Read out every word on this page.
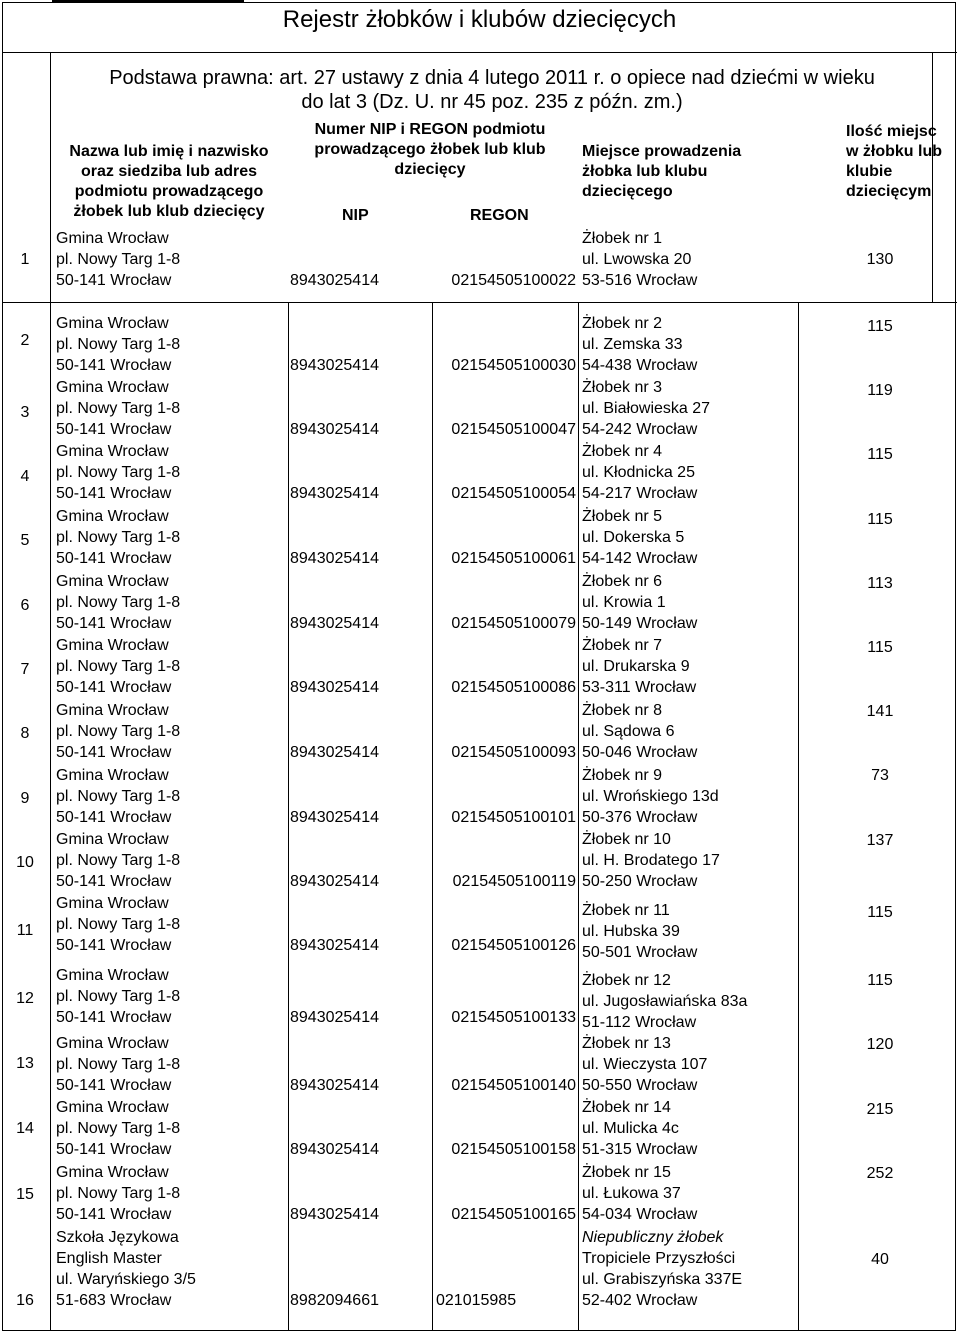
Rejestr żłobków i klubów dziecięcych
Podstawa prawna: art. 27 ustawy z dnia 4 lutego 2011 r. o opiece nad dziećmi w wieku
do lat 3 (Dz. U. nr 45 poz. 235 z późn. zm.)
Nazwa lub imię i nazwisko
oraz siedziba lub adres
podmiotu prowadzącego
żłobek lub klub dziecięcy
Numer NIP i REGON podmiotu
prowadzącego żłobek lub klub
dziecięcy
NIP	REGON
Miejsce prowadzenia
żłobka lub klubu
dziecięcego
Ilość miejsc
w żłobku lub
klubie
dziecięcym
1
Gmina Wrocław
pl. Nowy Targ 1-8
50-141 Wrocław	8943025414	02154505100022
Żłobek nr 1
ul. Lwowska 20
53-516 Wrocław
130
2
Gmina Wrocław
pl. Nowy Targ 1-8
50-141 Wrocław	8943025414	02154505100030
Żłobek nr 2
ul. Zemska 33
54-438 Wrocław
115
3
Gmina Wrocław
pl. Nowy Targ 1-8
50-141 Wrocław	8943025414	02154505100047
Żłobek nr 3
ul. Białowieska 27
54-242 Wrocław
119
4
Gmina Wrocław
pl. Nowy Targ 1-8
50-141 Wrocław	8943025414	02154505100054
Żłobek nr 4
ul. Kłodnicka 25
54-217 Wrocław
115
5
Gmina Wrocław
pl. Nowy Targ 1-8
50-141 Wrocław	8943025414	02154505100061
Żłobek nr 5
ul. Dokerska 5
54-142 Wrocław
115
6
Gmina Wrocław
pl. Nowy Targ 1-8
50-141 Wrocław	8943025414	02154505100079
Żłobek nr 6
ul. Krowia 1
50-149 Wrocław
113
7
Gmina Wrocław
pl. Nowy Targ 1-8
50-141 Wrocław	8943025414	02154505100086
Żłobek nr 7
ul. Drukarska 9
53-311 Wrocław
115
8
Gmina Wrocław
pl. Nowy Targ 1-8
50-141 Wrocław	8943025414	02154505100093
Żłobek nr 8
ul. Sądowa 6
50-046 Wrocław
141
9
Gmina Wrocław
pl. Nowy Targ 1-8
50-141 Wrocław	8943025414	02154505100101
Żłobek nr 9
ul. Wrońskiego 13d
50-376 Wrocław
73
10
Gmina Wrocław
pl. Nowy Targ 1-8
50-141 Wrocław	8943025414	02154505100119
Żłobek nr 10
ul. H. Brodatego 17
50-250 Wrocław
137
11
Gmina Wrocław
pl. Nowy Targ 1-8
50-141 Wrocław	8943025414	02154505100126
Żłobek nr 11
ul. Hubska 39
50-501 Wrocław
115
12
Gmina Wrocław
pl. Nowy Targ 1-8
50-141 Wrocław	8943025414	02154505100133
Żłobek nr 12
ul. Jugosławiańska 83a
51-112 Wrocław
115
13
Gmina Wrocław
pl. Nowy Targ 1-8
50-141 Wrocław	8943025414	02154505100140
Żłobek nr 13
ul. Wieczysta 107
50-550 Wrocław
120
14
Gmina Wrocław
pl. Nowy Targ 1-8
50-141 Wrocław	8943025414	02154505100158
Żłobek nr 14
ul. Mulicka 4c
51-315 Wrocław
215
15
Gmina Wrocław
pl. Nowy Targ 1-8
50-141 Wrocław	8943025414	02154505100165
Żłobek nr 15
ul. Łukowa 37
54-034 Wrocław
252
16
Szkoła Językowa
English Master
ul. Waryńskiego 3/5
51-683 Wrocław	8982094661	021015985
Niepubliczny żłobek
Tropiciele Przyszłości
ul. Grabiszyńska 337E
52-402 Wrocław
40
